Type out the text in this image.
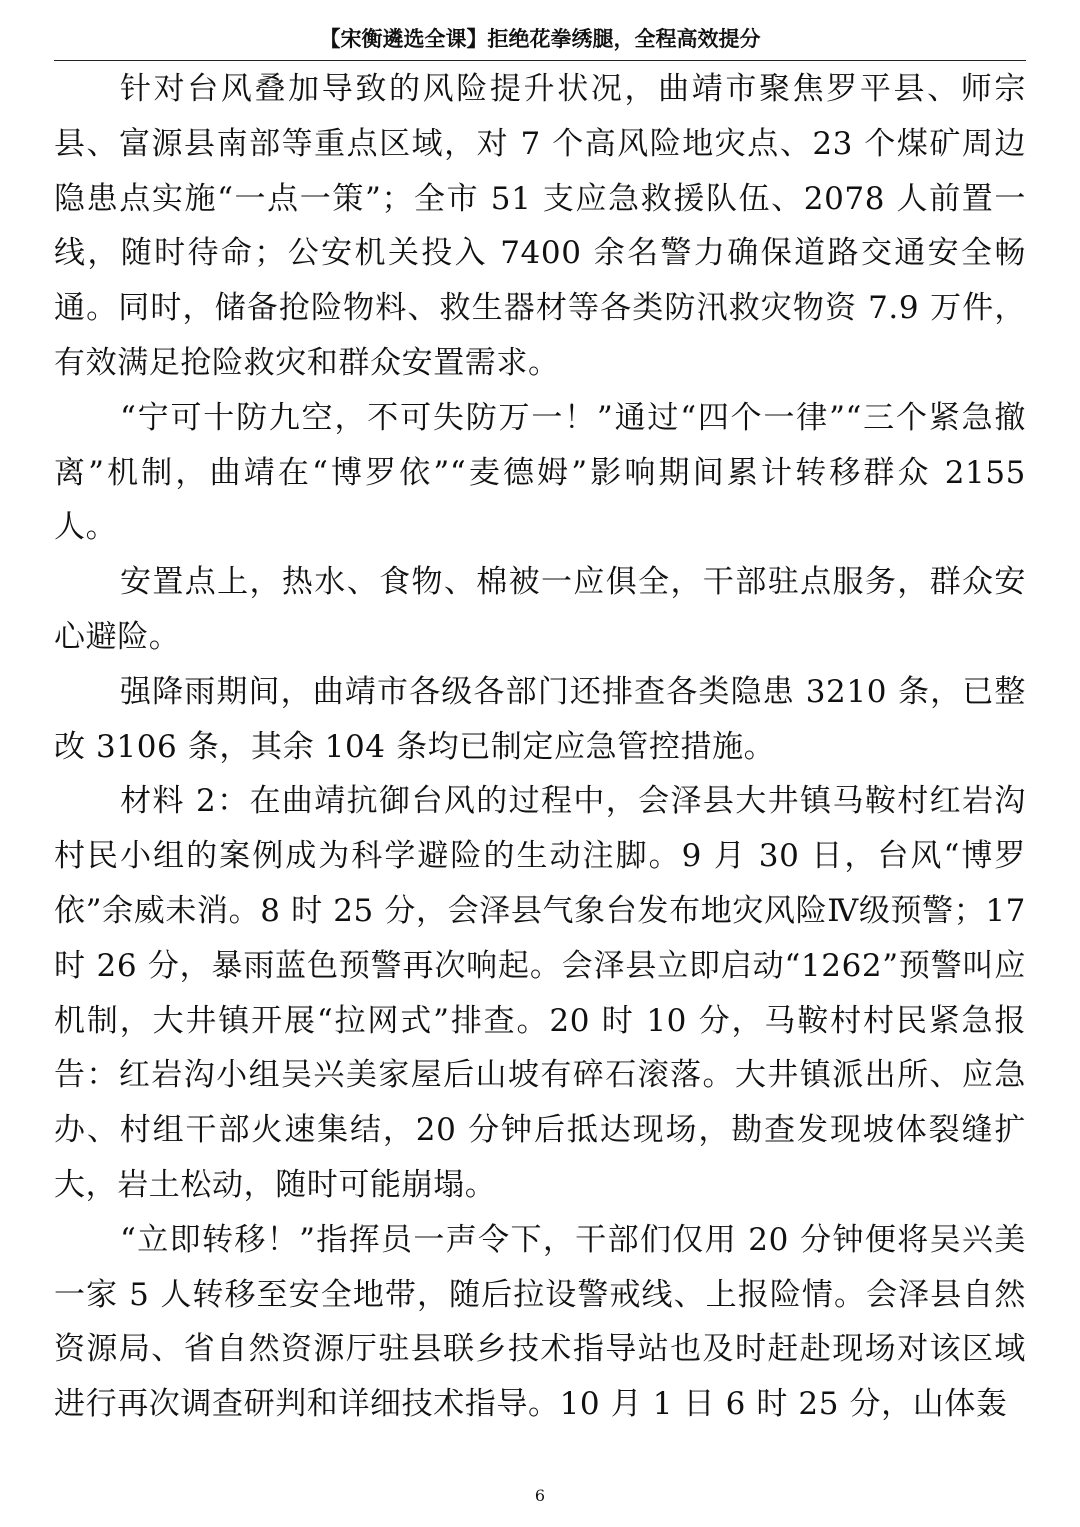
【宋衡遴选全课】拒绝花拳绣腿，全程高效提分

针对台风叠加导致的风险提升状况，曲靖市聚焦罗平县、师宗县、富源县南部等重点区域，对 7 个高风险地灾点、23 个煤矿周边隐患点实施“一点一策”；全市 51 支应急救援队伍、2078 人前置一线，随时待命；公安机关投入 7400 余名警力确保道路交通安全畅通。同时，储备抢险物料、救生器材等各类防汛救灾物资 7.9 万件，有效满足抢险救灾和群众安置需求。

“宁可十防九空，不可失防万一！”通过“四个一律”“三个紧急撤离”机制，曲靖在“博罗依”“麦德姆”影响期间累计转移群众 2155 人。

安置点上，热水、食物、棉被一应俱全，干部驻点服务，群众安心避险。

强降雨期间，曲靖市各级各部门还排查各类隐患 3210 条，已整改 3106 条，其余 104 条均已制定应急管控措施。

材料 2：在曲靖抗御台风的过程中，会泽县大井镇马鞍村红岩沟村民小组的案例成为科学避险的生动注脚。9 月 30 日，台风“博罗依”余威未消。8 时 25 分，会泽县气象台发布地灾风险Ⅳ级预警；17 时 26 分，暴雨蓝色预警再次响起。会泽县立即启动“1262”预警叫应机制，大井镇开展“拉网式”排查。20 时 10 分，马鞍村村民紧急报告：红岩沟小组吴兴美家屋后山坡有碎石滚落。大井镇派出所、应急办、村组干部火速集结，20 分钟后抵达现场，勘查发现坡体裂缝扩大，岩土松动，随时可能崩塌。

“立即转移！”指挥员一声令下，干部们仅用 20 分钟便将吴兴美一家 5 人转移至安全地带，随后拉设警戒线、上报险情。会泽县自然资源局、省自然资源厅驻县联乡技术指导站也及时赶赴现场对该区域进行再次调查研判和详细技术指导。10 月 1 日 6 时 25 分，山体轰

6
